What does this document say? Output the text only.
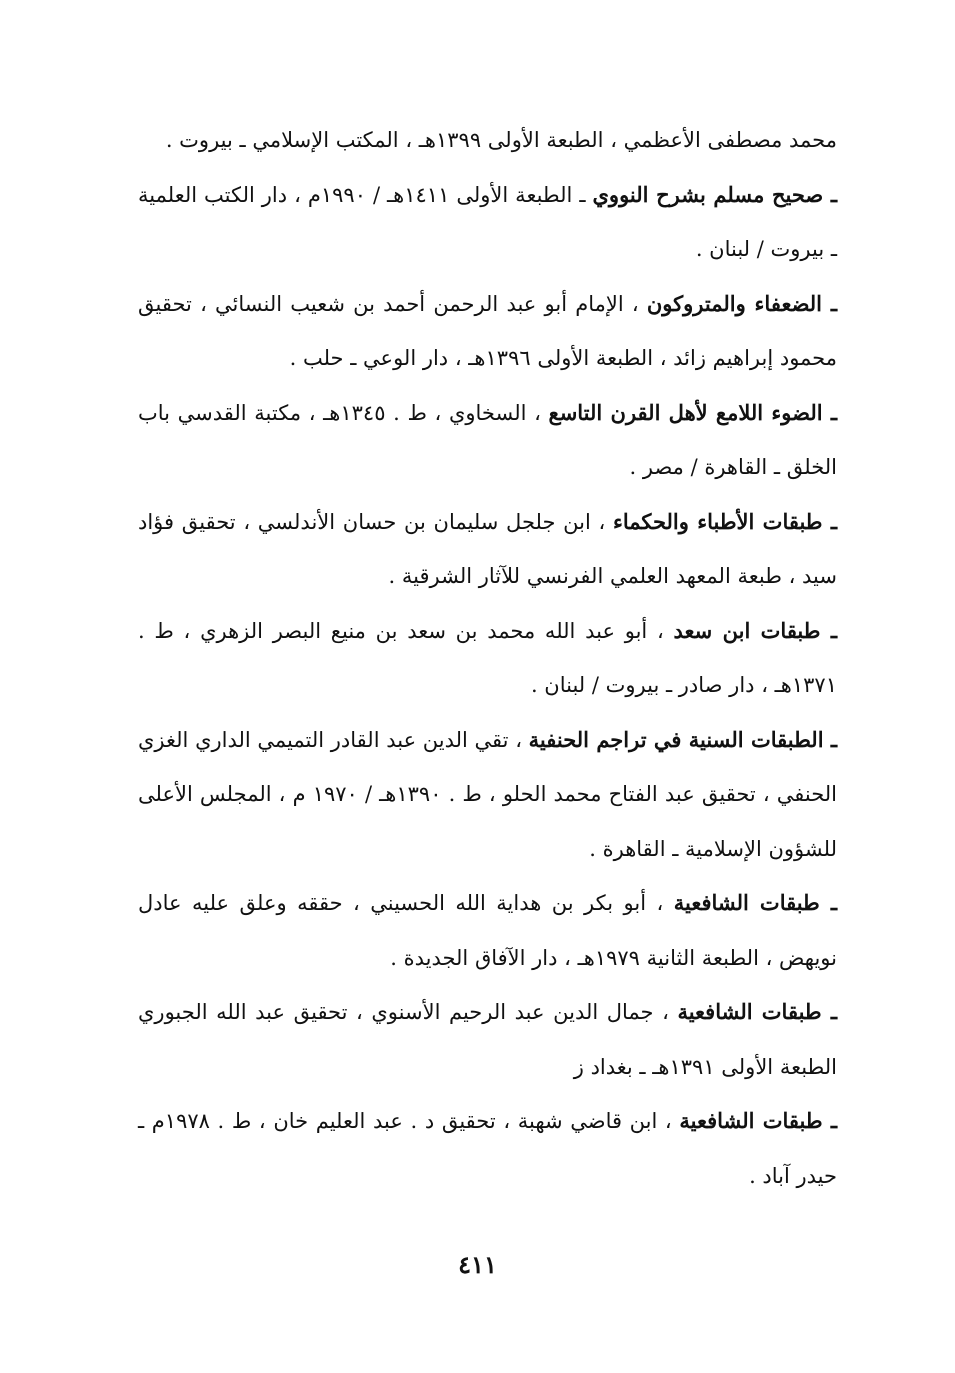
محمد مصطفى الأعظمي ، الطبعة الأولى ١٣٩٩هـ ، المكتب الإسلامي ـ بيروت .

ـ صحيح مسلم بشرح النووي ـ الطبعة الأولى ١٤١١هـ / ١٩٩٠م ، دار الكتب العلمية ـ بيروت / لبنان .

ـ الضعفاء والمتروكون ، الإمام أبو عبد الرحمن أحمد بن شعيب النسائي ، تحقيق محمود إبراهيم زائد ، الطبعة الأولى ١٣٩٦هـ ، دار الوعي ـ حلب .

ـ الضوء اللامع لأهل القرن التاسع ، السخاوي ، ط . ١٣٤٥هـ ، مكتبة القدسي باب الخلق ـ القاهرة / مصر .

ـ طبقات الأطباء والحكماء ، ابن جلجل سليمان بن حسان الأندلسي ، تحقيق فؤاد سيد ، طبعة المعهد العلمي الفرنسي للآثار الشرقية .

ـ طبقات ابن سعد ، أبو عبد الله محمد بن سعد بن منيع البصر الزهري ، ط . ١٣٧١هـ ، دار صادر ـ بيروت / لبنان .

ـ الطبقات السنية في تراجم الحنفية ، تقي الدين عبد القادر التميمي الداري الغزي الحنفي ، تحقيق عبد الفتاح محمد الحلو ، ط . ١٣٩٠هـ / ١٩٧٠ م ، المجلس الأعلى للشؤون الإسلامية ـ القاهرة .

ـ طبقات الشافعية ، أبو بكر بن هداية الله الحسيني ، حققه وعلق عليه عادل نويهض ، الطبعة الثانية ١٩٧٩هـ ، دار الآفاق الجديدة .

ـ طبقات الشافعية ، جمال الدين عبد الرحيم الأسنوي ، تحقيق عبد الله الجبوري الطبعة الأولى ١٣٩١هـ ـ بغداد ز

ـ طبقات الشافعية ، ابن قاضي شهبة ، تحقيق د . عبد العليم خان ، ط . ١٩٧٨م ـ حيدر آباد .

٤١١
